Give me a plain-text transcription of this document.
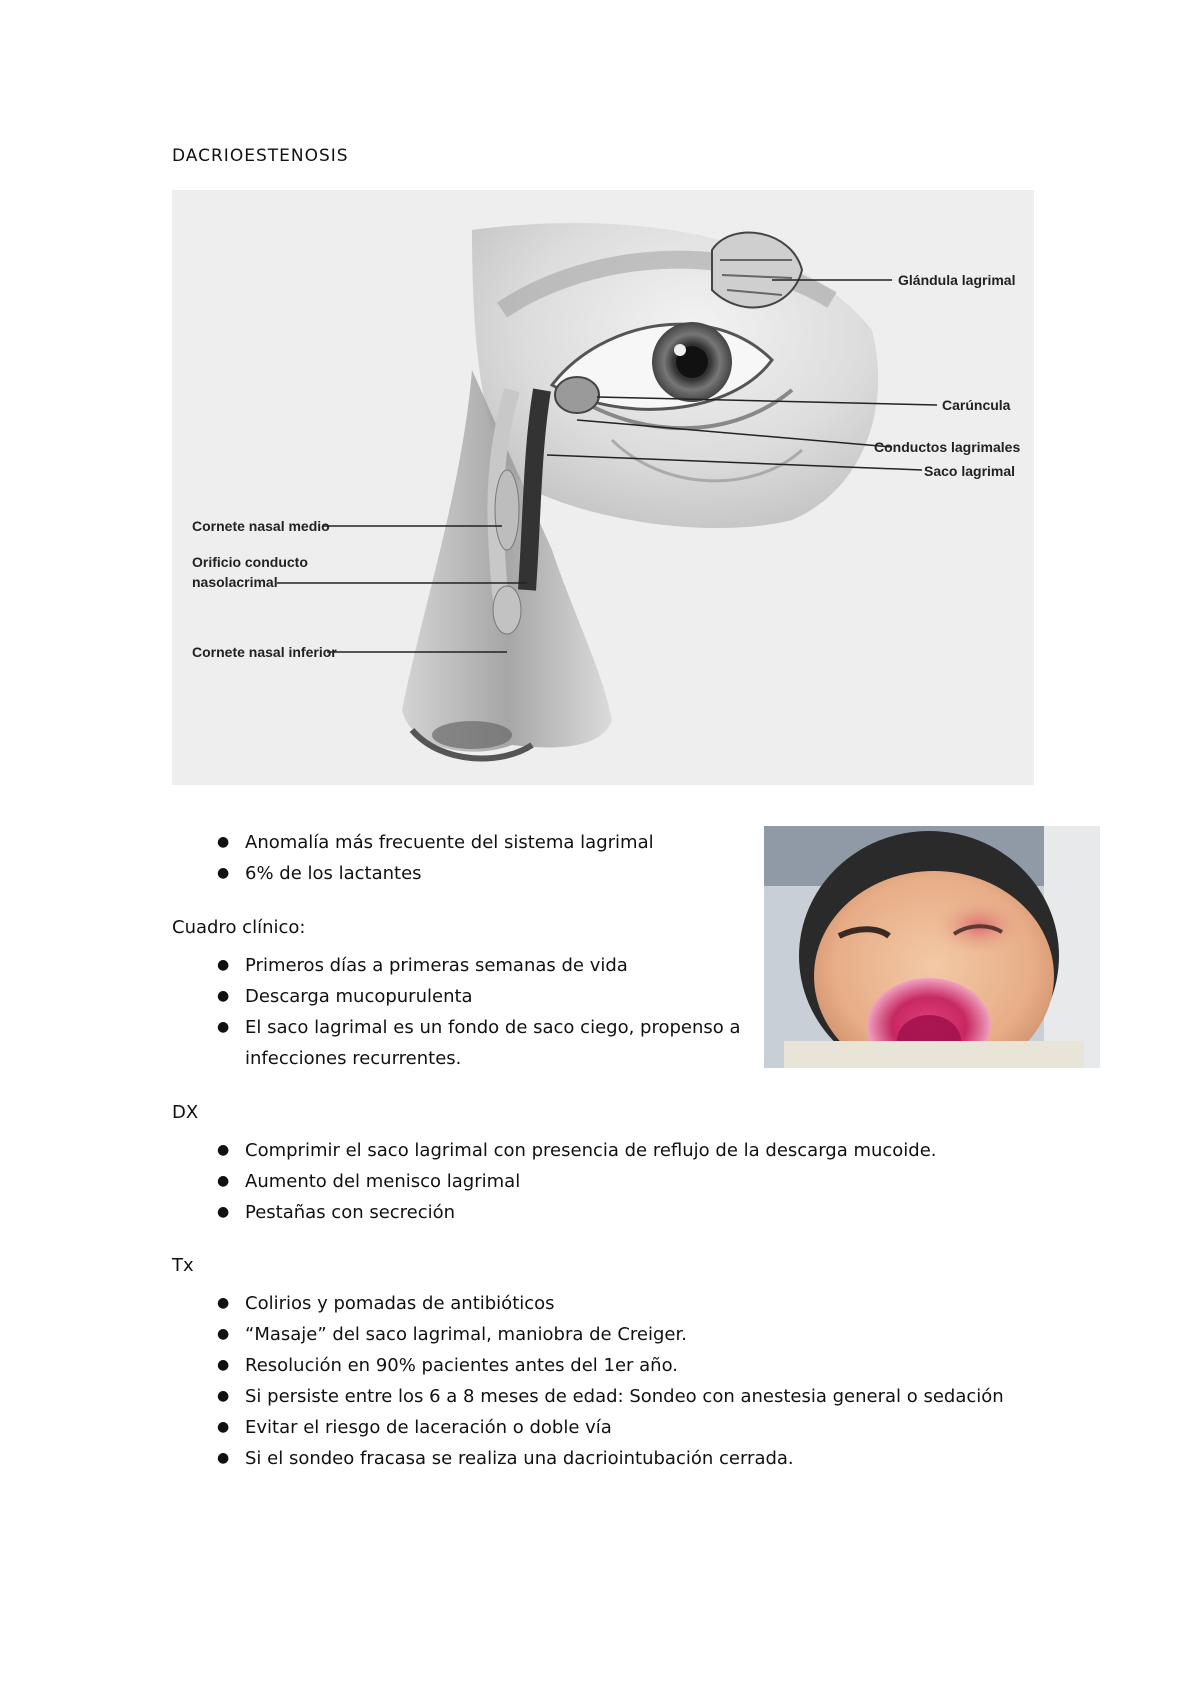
DACRIOESTENOSIS
Glándula lagrimal
Carúncula
Conductos lagrimales
Saco lagrimal
Cornete nasal medio
Orificio conducto
nasolacrimal
Cornete nasal inferior
● Anomalía más frecuente del sistema lagrimal
● 6% de los lactantes
Cuadro clínico:
● Primeros días a primeras semanas de vida
● Descarga mucopurulenta
● El saco lagrimal es un fondo de saco ciego, propenso a
infecciones recurrentes.
DX
● Comprimir el saco lagrimal con presencia de reflujo de la descarga mucoide.
● Aumento del menisco lagrimal
● Pestañas con secreción
Tx
● Colirios y pomadas de antibióticos
● “Masaje” del saco lagrimal, maniobra de Creiger.
● Resolución en 90% pacientes antes del 1er año.
● Si persiste entre los 6 a 8 meses de edad: Sondeo con anestesia general o sedación
● Evitar el riesgo de laceración o doble vía
● Si el sondeo fracasa se realiza una dacriointubación cerrada.
